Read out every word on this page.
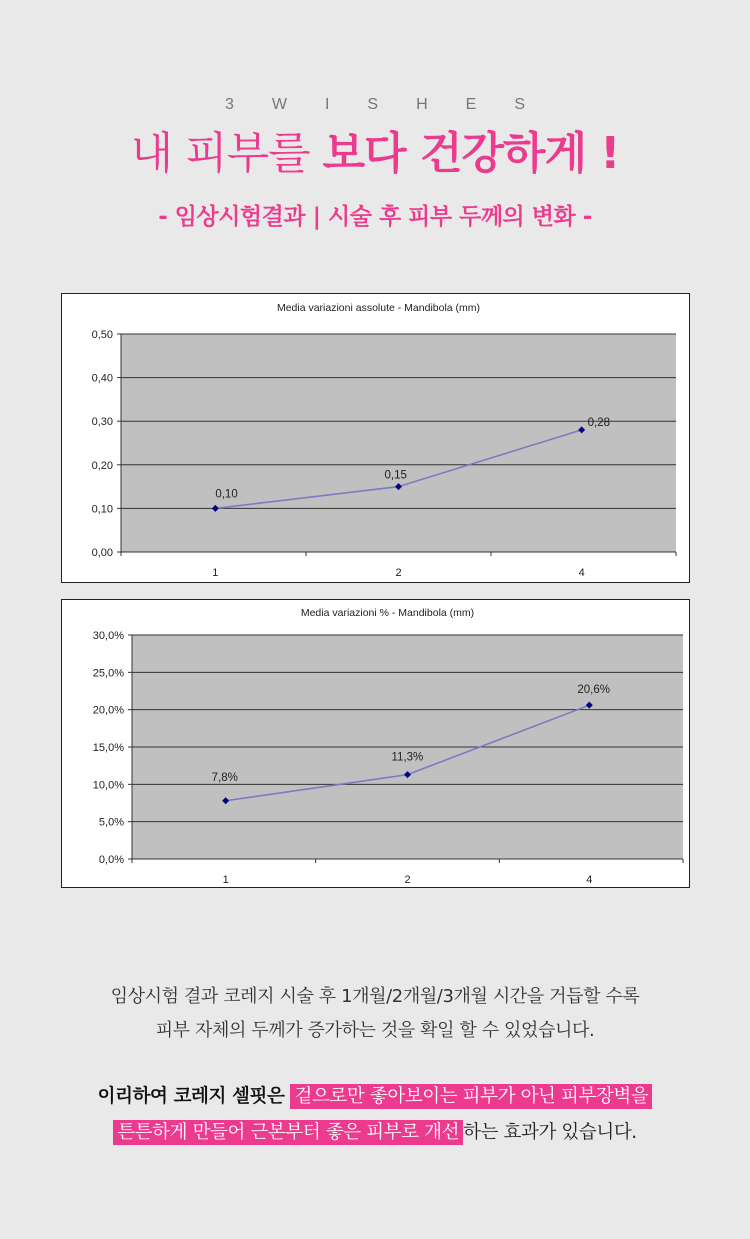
3WISHES
내 피부를 보다 건강하게 !
- 임상시험결과 | 시술 후 피부 두께의 변화 -
Media variazioni assolute - Mandibola (mm)
0,00
0,10
0,20
0,30
0,40
0,50
1	2	4
0,10
0,15
0,28
Media variazioni % - Mandibola (mm)
0,0%
5,0%
10,0%
15,0%
20,0%
25,0%
30,0%
1	2	4
7,8%
11,3%
20,6%
임상시험 결과 코레지 시술 후 1개월/2개월/3개월 시간을 거듭할 수록
피부 자체의 두께가 증가하는 것을 확일 할 수 있었습니다.
이리하여 코레지 셀핏은 겉으로만 좋아보이는 피부가 아닌 피부장벽을
튼튼하게 만들어 근본부터 좋은 피부로 개선 하는 효과가 있습니다.
